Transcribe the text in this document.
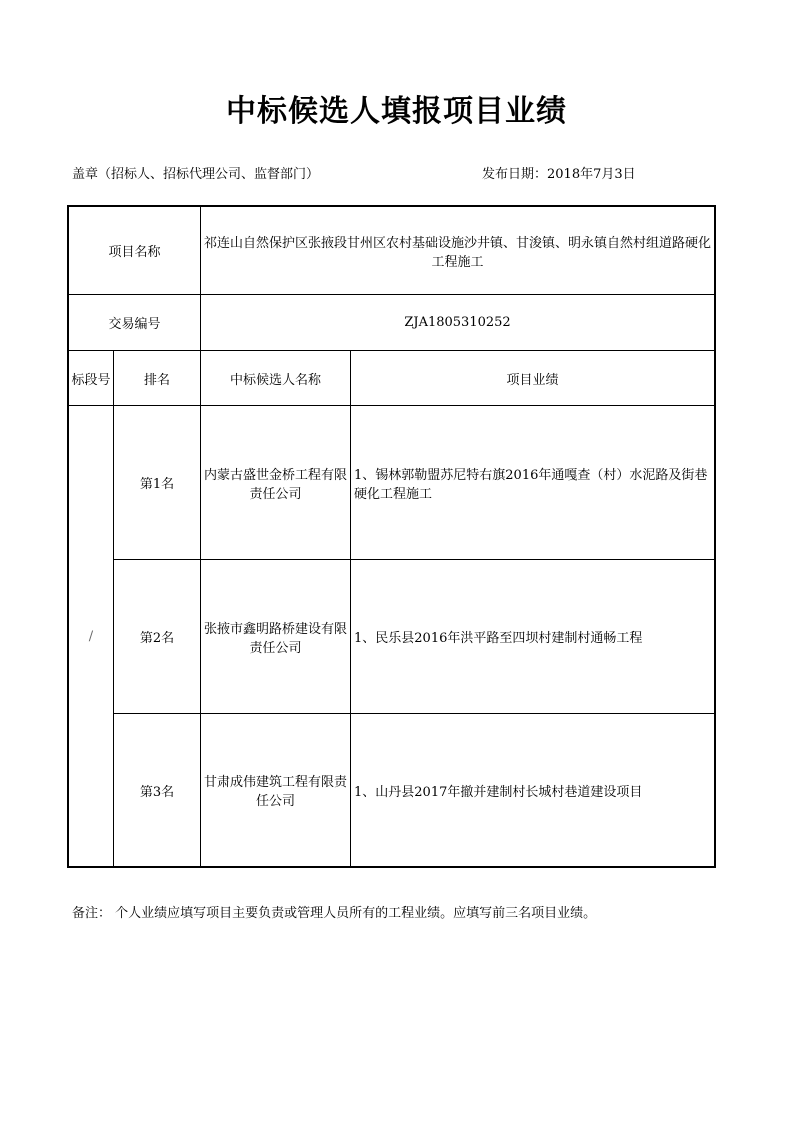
中标候选人填报项目业绩
盖章（招标人、招标代理公司、监督部门）	发布日期：2018年7月3日
项目名称		祁连山自然保护区张掖段甘州区农村基础设施沙井镇、甘浚镇、明永镇自然村组道路硬化工程施工	
交易编号		ZJA1805310252	
标段号	排名	中标候选人名称	项目业绩
/	第1名	内蒙古盛世金桥工程有限责任公司	1、锡林郭勒盟苏尼特右旗2016年通嘎查（村）水泥路及街巷硬化工程施工
	第2名	张掖市鑫明路桥建设有限责任公司	1、民乐县2016年洪平路至四坝村建制村通畅工程
	第3名	甘肃成伟建筑工程有限责任公司	1、山丹县2017年撤并建制村长城村巷道建设项目
备注： 个人业绩应填写项目主要负责或管理人员所有的工程业绩。应填写前三名项目业绩。
